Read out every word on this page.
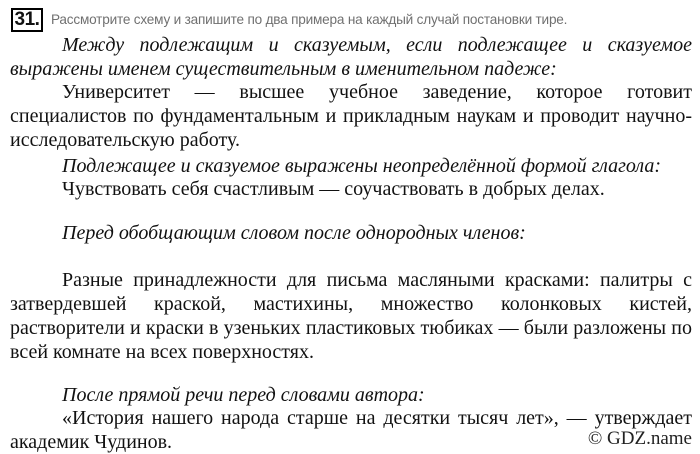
31. Рассмотрите схему и запишите по два примера на каждый случай постановки тире.
Между подлежащим и сказуемым, если подлежащее и сказуемое выражены именем существительным в именительном падеже:
Университет — высшее учебное заведение, которое готовит специалистов по фундаментальным и прикладным наукам и проводит научно-исследовательскую работу.
Подлежащее и сказуемое выражены неопределённой формой глагола:
Чувствовать себя счастливым — соучаствовать в добрых делах.
Перед обобщающим словом после однородных членов:
Разные принадлежности для письма масляными красками: палитры с затвердевшей краской, мастихины, множество колонковых кистей, растворители и краски в узеньких пластиковых тюбиках — были разложены по всей комнате на всех поверхностях.
После прямой речи перед словами автора:
«История нашего народа старше на десятки тысяч лет», — утверждает академик Чудинов.	© GDZ.name
